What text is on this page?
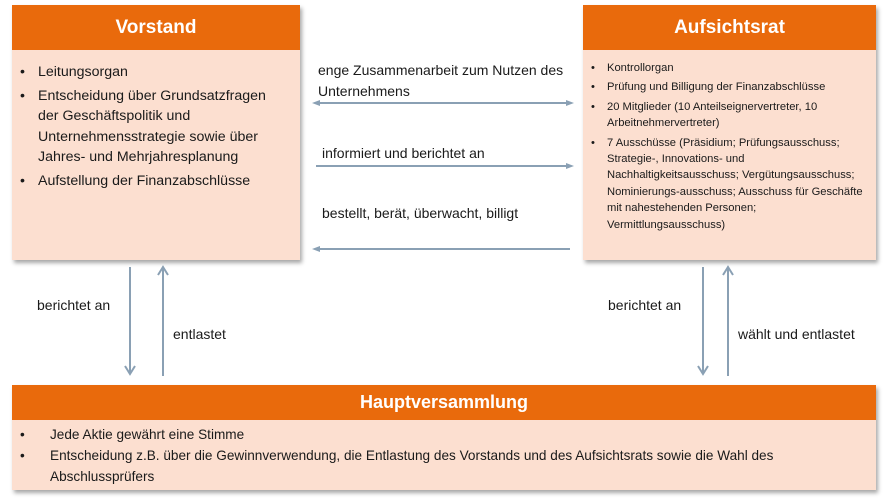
Vorstand
• Leitungsorgan
• Entscheidung über Grundsatzfragen der Geschäftspolitik und Unternehmensstrategie sowie über Jahres- und Mehrjahresplanung
• Aufstellung der Finanzabschlüsse
Aufsichtsrat
• Kontrollorgan
• Prüfung und Billigung der Finanzabschlüsse
• 20 Mitglieder (10 Anteilseignervertreter, 10 Arbeitnehmervertreter)
• 7 Ausschüsse (Präsidium; Prüfungsausschuss; Strategie-, Innovations- und Nachhaltigkeitsausschuss; Vergütungsausschuss; Nominierungs-ausschuss; Ausschuss für Geschäfte mit nahestehenden Personen; Vermittlungsausschuss)
enge Zusammenarbeit zum Nutzen des Unternehmens
informiert und berichtet an
bestellt, berät, überwacht, billigt
berichtet an
entlastet
berichtet an
wählt und entlastet
Hauptversammlung
• Jede Aktie gewährt eine Stimme
• Entscheidung z.B. über die Gewinnverwendung, die Entlastung des Vorstands und des Aufsichtsrats sowie die Wahl des Abschlussprüfers
